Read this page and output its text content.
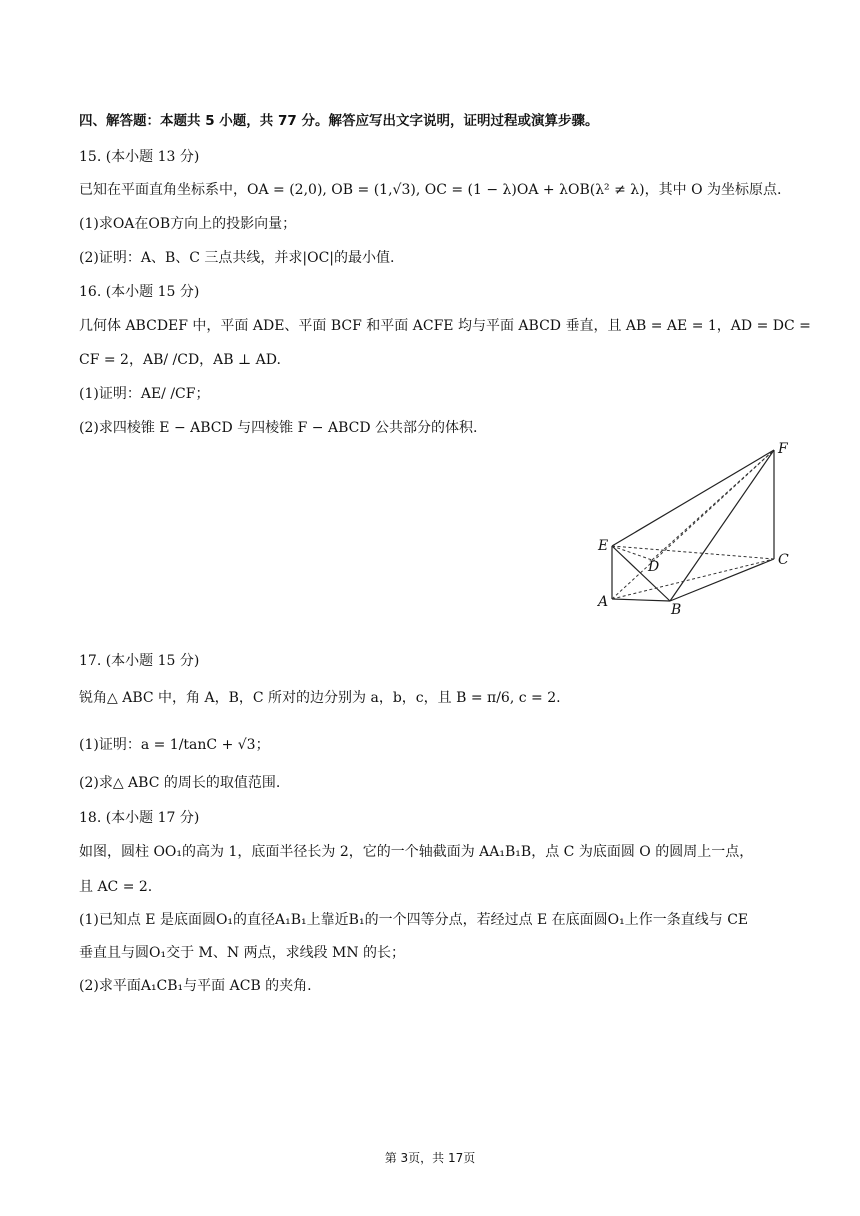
四、解答题：本题共 5 小题，共 77 分。解答应写出文字说明，证明过程或演算步骤。
15. (本小题 13 分)
已知在平面直角坐标系中，OA = (2,0), OB = (1,√3), OC = (1 − λ)OA + λOB(λ² ≠ λ)，其中 O 为坐标原点.
(1)求OA在OB方向上的投影向量；
(2)证明：A、B、C 三点共线，并求|OC|的最小值.
16. (本小题 15 分)
几何体 ABCDEF 中，平面 ADE、平面 BCF 和平面 ACFE 均与平面 ABCD 垂直，且 AB = AE = 1，AD = DC =
CF = 2，AB/ /CD，AB ⊥ AD.
(1)证明：AE/ /CF；
(2)求四棱锥 E − ABCD 与四棱锥 F − ABCD 公共部分的体积.
E
D	C
A	B
F
17. (本小题 15 分)
锐角△ ABC 中，角 A，B，C 所对的边分别为 a，b，c，且 B = π/6, c = 2.
(1)证明：a = 1/tanC + √3；
(2)求△ ABC 的周长的取值范围.
18. (本小题 17 分)
如图，圆柱 OO₁的高为 1，底面半径长为 2，它的一个轴截面为 AA₁B₁B，点 C 为底面圆 O 的圆周上一点，
且 AC = 2.
(1)已知点 E 是底面圆O₁的直径A₁B₁上靠近B₁的一个四等分点，若经过点 E 在底面圆O₁上作一条直线与 CE
垂直且与圆O₁交于 M、N 两点，求线段 MN 的长；
(2)求平面A₁CB₁与平面 ACB 的夹角.
第 3页，共 17页
